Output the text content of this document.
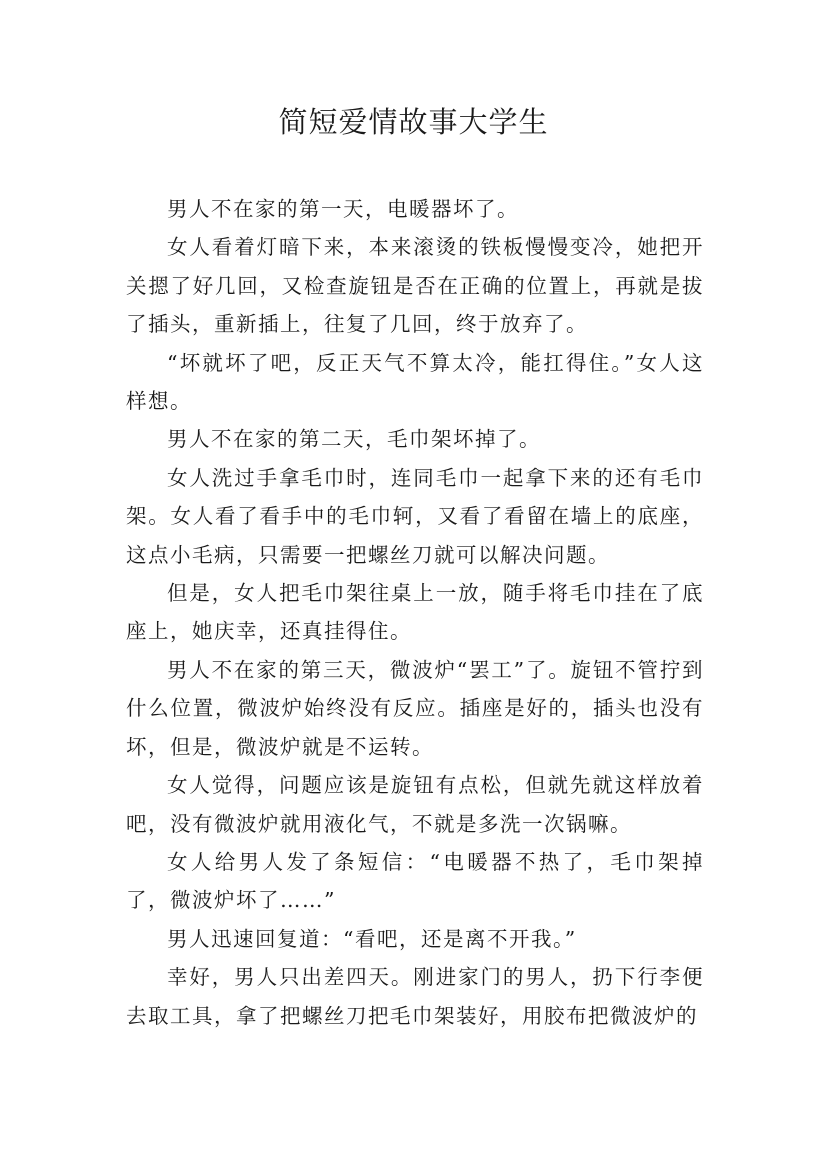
简短爱情故事大学生

男人不在家的第一天，电暖器坏了。

女人看着灯暗下来，本来滚烫的铁板慢慢变冷，她把开关摁了好几回，又检查旋钮是否在正确的位置上，再就是拔了插头，重新插上，往复了几回，终于放弃了。

“坏就坏了吧，反正天气不算太冷，能扛得住。”女人这样想。

男人不在家的第二天，毛巾架坏掉了。

女人洗过手拿毛巾时，连同毛巾一起拿下来的还有毛巾架。女人看了看手中的毛巾轲，又看了看留在墙上的底座，这点小毛病，只需要一把螺丝刀就可以解决问题。

但是，女人把毛巾架往桌上一放，随手将毛巾挂在了底座上，她庆幸，还真挂得住。

男人不在家的第三天，微波炉“罢工”了。旋钮不管拧到什么位置，微波炉始终没有反应。插座是好的，插头也没有坏，但是，微波炉就是不运转。

女人觉得，问题应该是旋钮有点松，但就先就这样放着吧，没有微波炉就用液化气，不就是多洗一次锅嘛。

女人给男人发了条短信：“电暖器不热了，毛巾架掉了，微波炉坏了……”

男人迅速回复道：“看吧，还是离不开我。”

幸好，男人只出差四天。刚进家门的男人，扔下行李便去取工具，拿了把螺丝刀把毛巾架装好，用胶布把微波炉的
